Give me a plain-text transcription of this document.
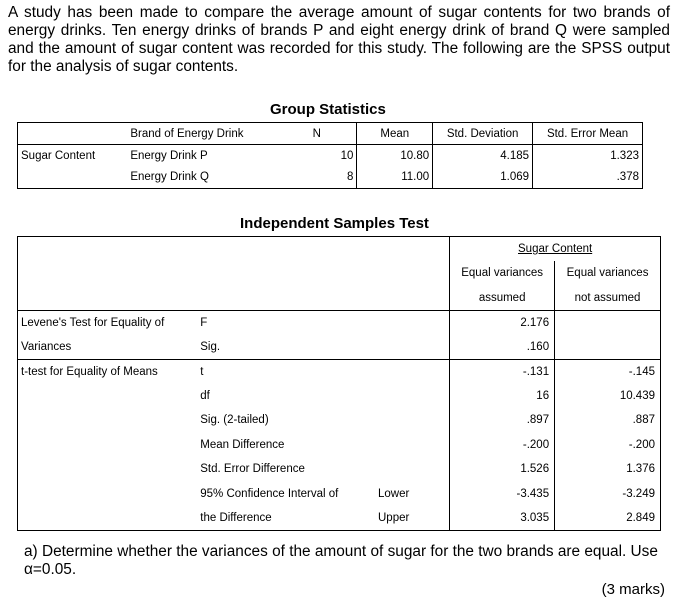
A study has been made to compare the average amount of sugar contents for two brands of energy drinks. Ten energy drinks of brands P and eight energy drink of brand Q were sampled and the amount of sugar content was recorded for this study. The following are the SPSS output for the analysis of sugar contents.
Group Statistics
	Brand of Energy Drink	N	Mean	Std. Deviation	Std. Error Mean
Sugar Content	Energy Drink P	10	10.80	4.185	1.323
	Energy Drink Q	8	11.00	1.069	.378
Independent Samples Test
			Sugar Content	
			Equal variances	Equal variances
			assumed	not assumed
Levene's Test for Equality of	F		2.176	
Variances	Sig.		.160	
t-test for Equality of Means	t		-.131	-.145
	df		16	10.439
	Sig. (2-tailed)		.897	.887
	Mean Difference		-.200	-.200
	Std. Error Difference		1.526	1.376
	95% Confidence Interval of	Lower	-3.435	-3.249
	the Difference	Upper	3.035	2.849
a) Determine whether the variances of the amount of sugar for the two brands are equal. Use α=0.05.
(3 marks)
